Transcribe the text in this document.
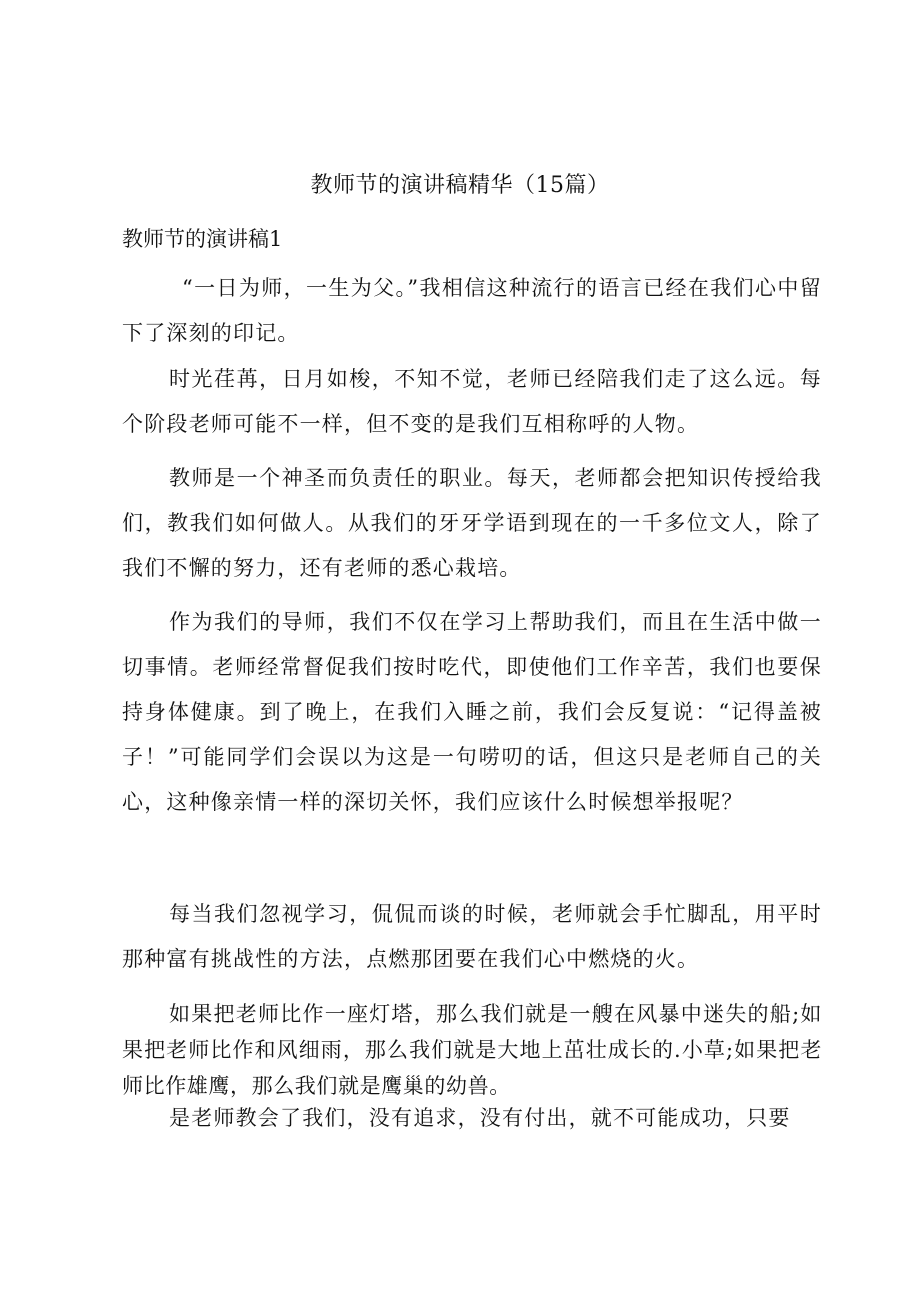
教师节的演讲稿精华（15篇）
教师节的演讲稿1

“一日为师，一生为父。”我相信这种流行的语言已经在我们心中留下了深刻的印记。

时光荏苒，日月如梭，不知不觉，老师已经陪我们走了这么远。每个阶段老师可能不一样，但不变的是我们互相称呼的人物。

教师是一个神圣而负责任的职业。每天，老师都会把知识传授给我们，教我们如何做人。从我们的牙牙学语到现在的一千多位文人，除了我们不懈的努力，还有老师的悉心栽培。

作为我们的导师，我们不仅在学习上帮助我们，而且在生活中做一切事情。老师经常督促我们按时吃代，即使他们工作辛苦，我们也要保持身体健康。到了晚上，在我们入睡之前，我们会反复说：“记得盖被子！”可能同学们会误以为这是一句唠叨的话，但这只是老师自己的关心，这种像亲情一样的深切关怀，我们应该什么时候想举报呢？

每当我们忽视学习，侃侃而谈的时候，老师就会手忙脚乱，用平时那种富有挑战性的方法，点燃那团要在我们心中燃烧的火。

如果把老师比作一座灯塔，那么我们就是一艘在风暴中迷失的船;如果把老师比作和风细雨，那么我们就是大地上茁壮成长的.小草;如果把老师比作雄鹰，那么我们就是鹰巢的幼兽。

是老师教会了我们，没有追求，没有付出，就不可能成功，只要
